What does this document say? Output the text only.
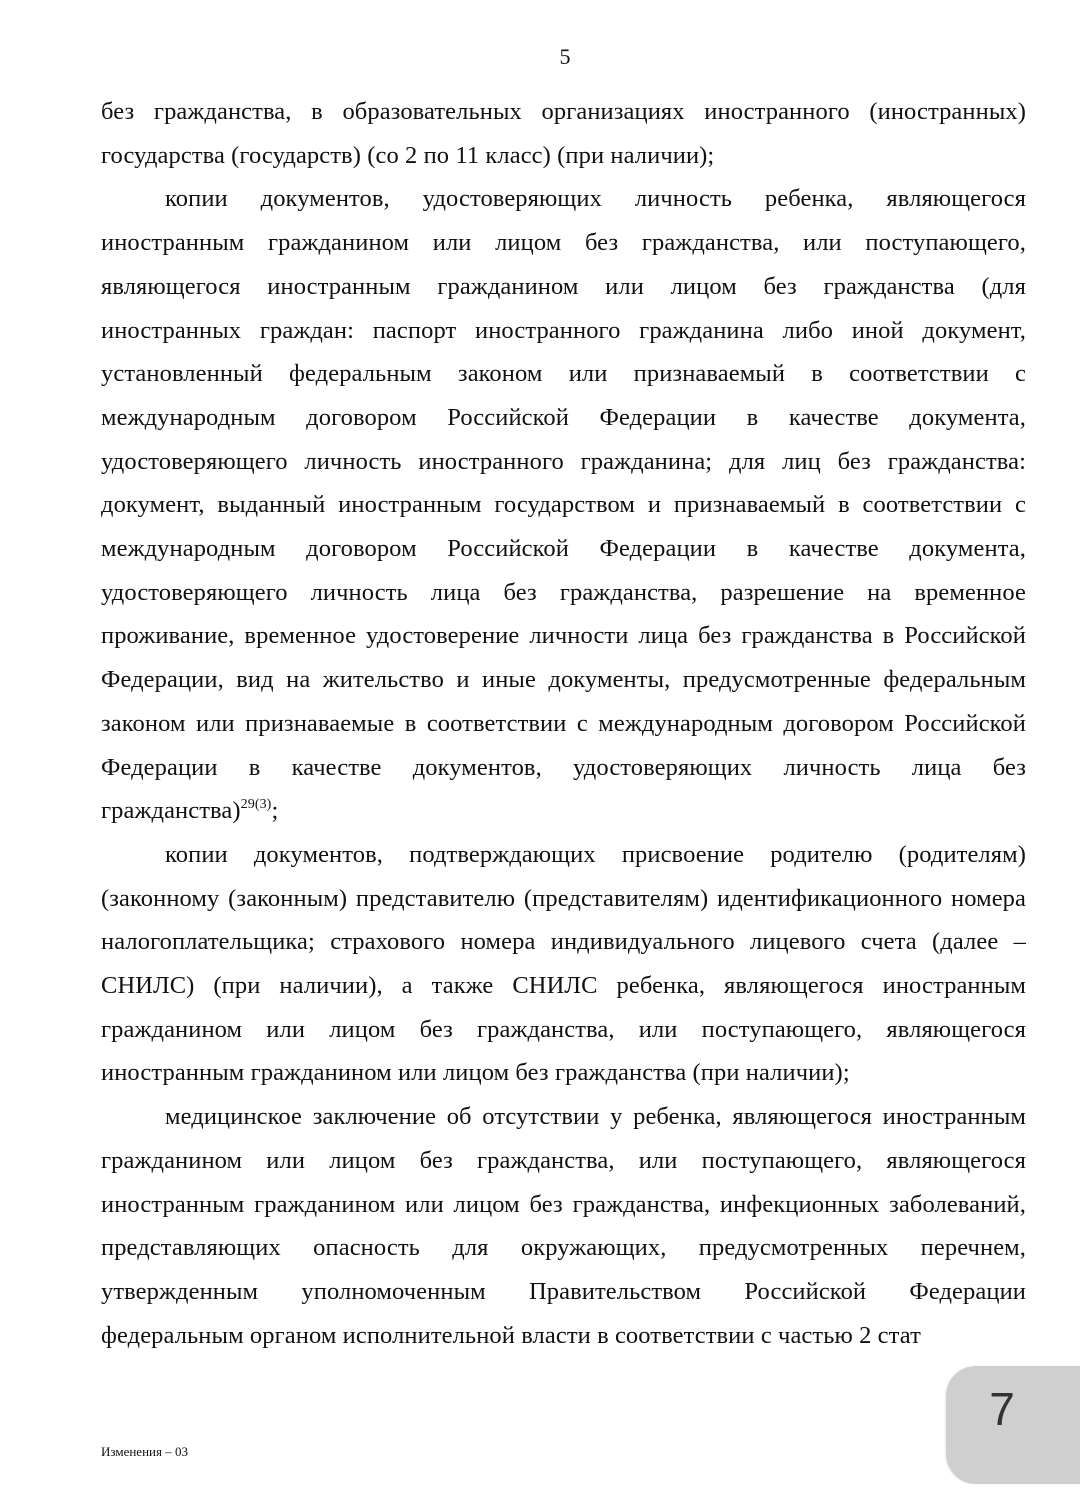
5

без гражданства, в образовательных организациях иностранного (иностранных) государства (государств) (со 2 по 11 класс) (при наличии);

копии документов, удостоверяющих личность ребенка, являющегося иностранным гражданином или лицом без гражданства, или поступающего, являющегося иностранным гражданином или лицом без гражданства (для иностранных граждан: паспорт иностранного гражданина либо иной документ, установленный федеральным законом или признаваемый в соответствии с международным договором Российской Федерации в качестве документа, удостоверяющего личность иностранного гражданина; для лиц без гражданства: документ, выданный иностранным государством и признаваемый в соответствии с международным договором Российской Федерации в качестве документа, удостоверяющего личность лица без гражданства, разрешение на временное проживание, временное удостоверение личности лица без гражданства в Российской Федерации, вид на жительство и иные документы, предусмотренные федеральным законом или признаваемые в соответствии с международным договором Российской Федерации в качестве документов, удостоверяющих личность лица без гражданства)$^{29(3)}$;

копии документов, подтверждающих присвоение родителю (родителям) (законному (законным) представителю (представителям) идентификационного номера налогоплательщика; страхового номера индивидуального лицевого счета (далее – СНИЛС) (при наличии), а также СНИЛС ребенка, являющегося иностранным гражданином или лицом без гражданства, или поступающего, являющегося иностранным гражданином или лицом без гражданства (при наличии);

медицинское заключение об отсутствии у ребенка, являющегося иностранным гражданином или лицом без гражданства, или поступающего, являющегося иностранным гражданином или лицом без гражданства, инфекционных заболеваний, представляющих опасность для окружающих, предусмотренных перечнем, утвержденным уполномоченным Правительством Российской Федерации федеральным органом исполнительной власти в соответствии с частью 2 стат

Изменения – 03
7
